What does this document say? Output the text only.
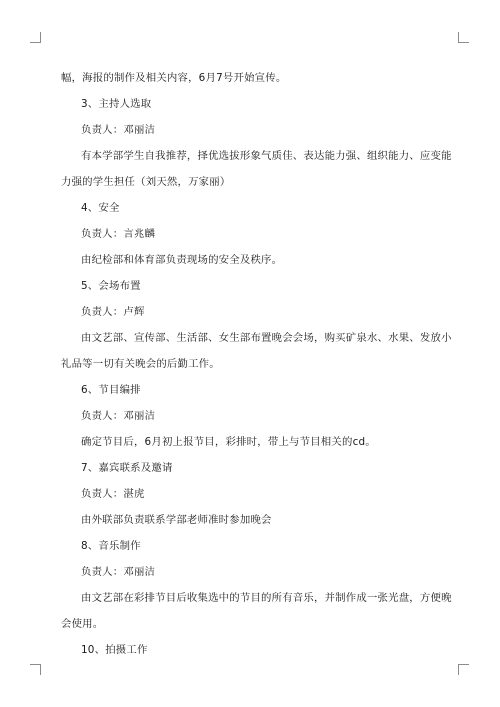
幅，海报的制作及相关内容，6月7号开始宣传。
3、主持人选取
负责人：邓丽洁
有本学部学生自我推荐，择优选拔形象气质佳、表达能力强、组织能力、应变能
力强的学生担任（刘天然，万家丽）
4、安全
负责人：言兆麟
由纪检部和体育部负责现场的安全及秩序。
5、会场布置
负责人：卢辉
由文艺部、宣传部、生活部、女生部布置晚会会场，购买矿泉水、水果、发放小
礼品等一切有关晚会的后勤工作。
6、节目编排
负责人：邓丽洁
确定节目后，6月初上报节目，彩排时，带上与节目相关的cd。
7、嘉宾联系及邀请
负责人：湛虎
由外联部负责联系学部老师准时参加晚会
8、音乐制作
负责人：邓丽洁
由文艺部在彩排节目后收集选中的节目的所有音乐，并制作成一张光盘，方便晚
会使用。
10、拍摄工作
